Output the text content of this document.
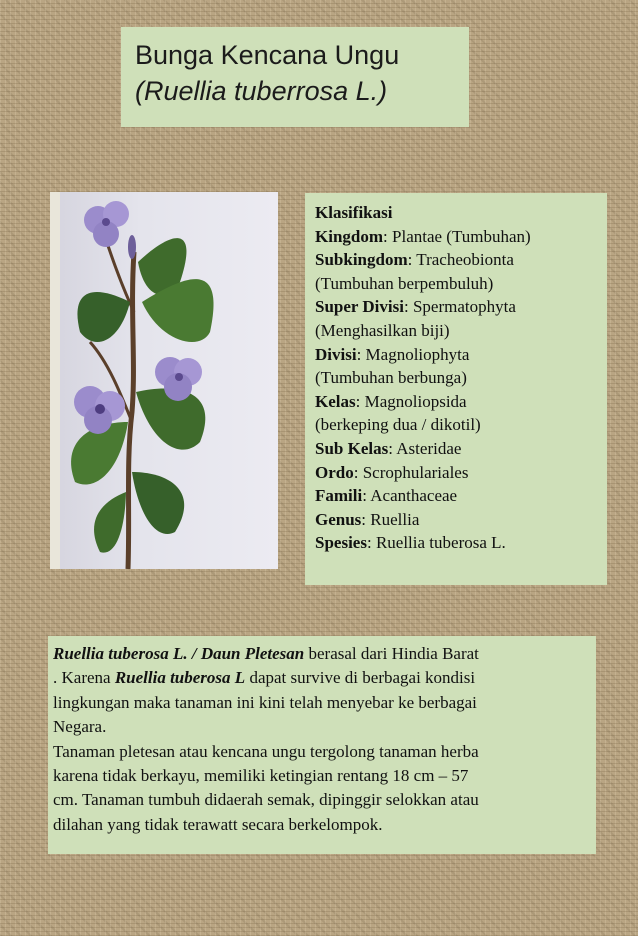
Bunga Kencana Ungu
(Ruellia tuberrosa L.)
Klasifikasi
Kingdom: Plantae (Tumbuhan)
Subkingdom: Tracheobionta
(Tumbuhan berpembuluh)
Super Divisi: Spermatophyta
(Menghasilkan biji)
Divisi: Magnoliophyta
(Tumbuhan berbunga)
Kelas: Magnoliopsida
(berkeping dua / dikotil)
Sub Kelas: Asteridae
Ordo: Scrophulariales
Famili: Acanthaceae
Genus: Ruellia
Spesies: Ruellia tuberosa L.

Ruellia tuberosa L. / Daun Pletesan berasal dari Hindia Barat

. Karena Ruellia tuberosa L dapat survive di berbagai kondisi

lingkungan maka tanaman ini kini telah menyebar ke berbagai

Negara.

Tanaman pletesan atau kencana ungu tergolong tanaman herba

karena tidak berkayu, memiliki ketingian rentang 18 cm – 57

cm. Tanaman tumbuh didaerah semak, dipinggir selokkan atau

dilahan yang tidak terawatt secara berkelompok.
